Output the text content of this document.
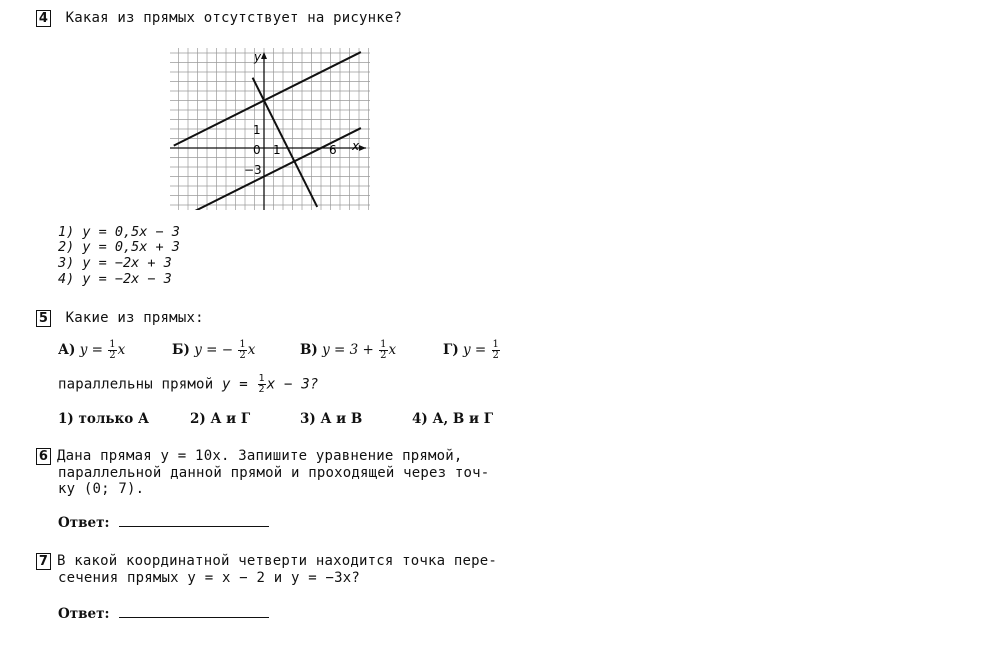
4 Какая из прямых отсутствует на рисунке?
y
x
1
0 1	6
−3
1) y = 0,5x − 3
2) y = 0,5x + 3
3) y = −2x + 3
4) y = −2x − 3
5 Какие из прямых:
А) $y = \frac{1}{2}$ x	Б) y = − $\frac{1}{2}$ x	В) $y = 3 + \frac{1}{2}$ x	Г) $y = \frac{1}{2}$
параллельны прямой $y = \frac{1}{2}$ x − 3?
1) только А	2) А и Г	3) А и В	4) А, В и Г
6 Дана прямая y = 10x. Запишите уравнение прямой,
параллельной данной прямой и проходящей через точ-
ку (0; 7).
Ответ:
7 В какой координатной четверти находится точка пере-
сечения прямых y = x − 2 и y = −3x?
Ответ:
